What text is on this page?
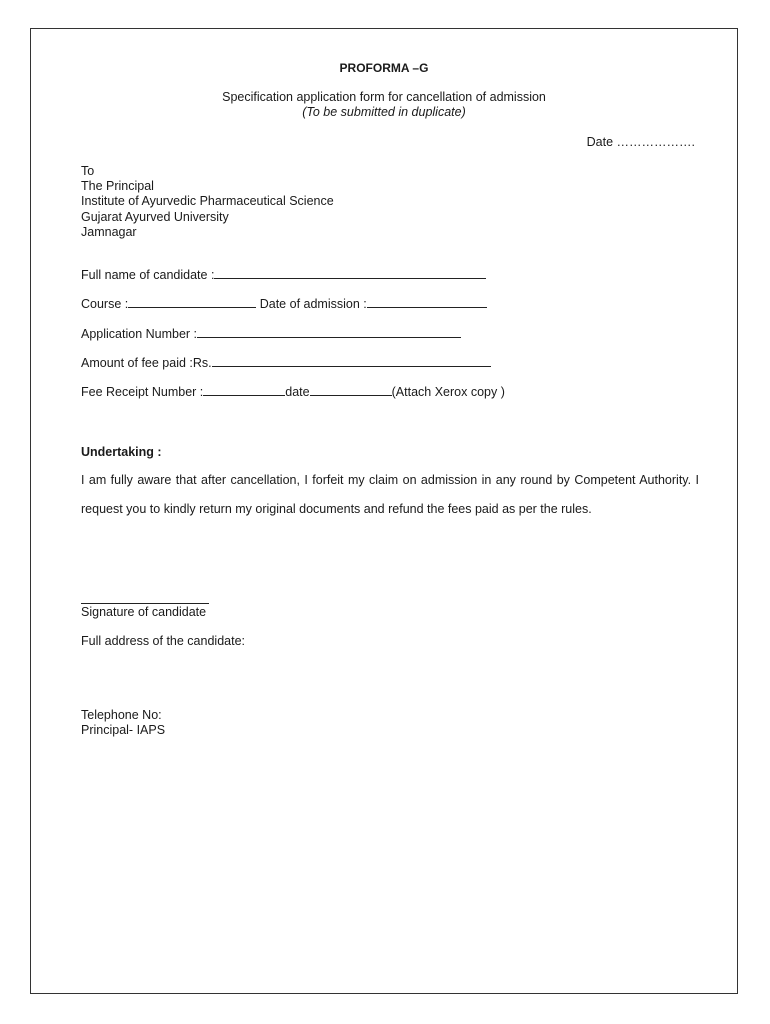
PROFORMA –G
Specification application form for cancellation of admission
(To be submitted in duplicate)
Date ……………….
To
The Principal
Institute of Ayurvedic Pharmaceutical Science
Gujarat Ayurved University
Jamnagar
Full name of candidate :
Course :	Date of admission :
Application Number :
Amount of fee paid :Rs.
Fee Receipt Number :	date	(Attach Xerox copy )
Undertaking :
I am fully aware that after cancellation, I forfeit my claim on admission in any round by Competent Authority. I request you to kindly return my original documents and refund the fees paid as per the rules.
Signature of candidate
Full address of the candidate:
Telephone No:
Principal- IAPS
